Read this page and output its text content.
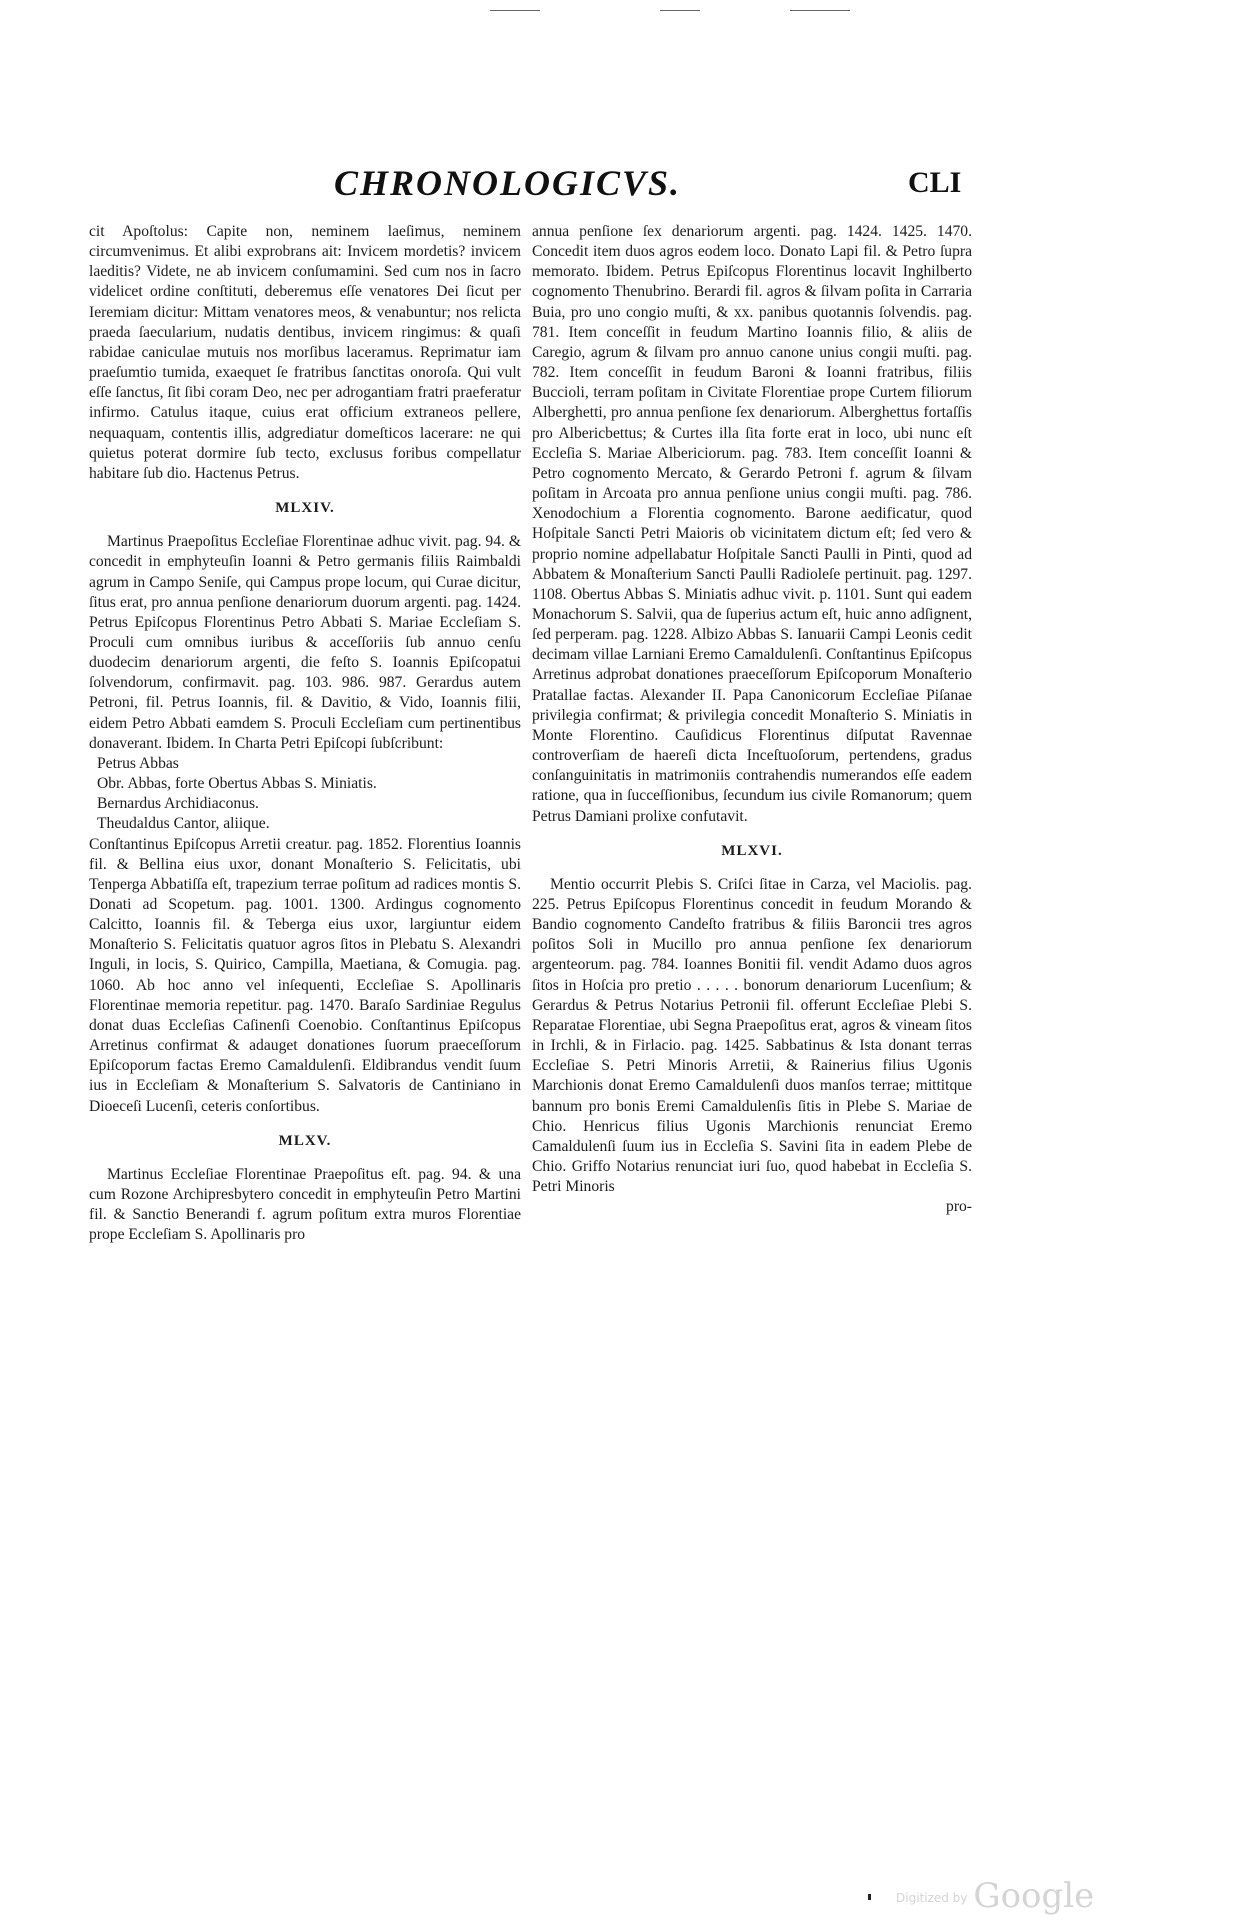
CHRONOLOGICVS.	CLI

cit Apoſtolus: Capite non, neminem laeſimus, neminem circumvenimus. Et alibi exprobrans ait: Invicem mordetis? invicem laeditis? Videte, ne ab invicem conſumamini. Sed cum nos in ſacro videlicet ordine conſtituti, deberemus eſſe venatores Dei ſicut per Ieremiam dicitur: Mittam venatores meos, & venabuntur; nos relicta praeda ſaecularium, nudatis dentibus, invicem ringimus: & quaſi rabidae caniculae mutuis nos morſibus laceramus. Reprimatur iam praeſumtio tumida, exaequet ſe fratribus ſanctitas onoroſa. Qui vult eſſe ſanctus, ſit ſibi coram Deo, nec per adrogantiam fratri praeferatur infirmo. Catulus itaque, cuius erat officium extraneos pellere, nequaquam, contentis illis, adgrediatur domeſticos lacerare: ne qui quietus poterat dormire ſub tecto, exclusus foribus compellatur habitare ſub dio. Hactenus Petrus.

MLXIV.

Martinus Praepoſitus Eccleſiae Florentinae adhuc vivit. pag. 94. & concedit in emphyteuſin Ioanni & Petro germanis filiis Raimbaldi agrum in Campo Seniſe, qui Campus prope locum, qui Curae dicitur, ſitus erat, pro annua penſione denariorum duorum argenti. pag. 1424. Petrus Epiſcopus Florentinus Petro Abbati S. Mariae Eccleſiam S. Proculi cum omnibus iuribus & acceſſoriis ſub annuo cenſu duodecim denariorum argenti, die feſto S. Ioannis Epiſcopatui ſolvendorum, confirmavit. pag. 103. 986. 987. Gerardus autem Petroni, fil. Petrus Ioannis, fil. & Davitio, & Vido, Ioannis filii, eidem Petro Abbati eamdem S. Proculi Eccleſiam cum pertinentibus donaverant. Ibidem. In Charta Petri Epiſcopi ſubſcribunt:

Petrus Abbas

Obr. Abbas, forte Obertus Abbas S. Miniatis.

Bernardus Archidiaconus.

Theudaldus Cantor, aliique.

Conſtantinus Epiſcopus Arretii creatur. pag. 1852. Florentius Ioannis fil. & Bellina eius uxor, donant Monaſterio S. Felicitatis, ubi Tenperga Abbatiſſa eſt, trapezium terrae poſitum ad radices montis S. Donati ad Scopetum. pag. 1001. 1300. Ardingus cognomento Calcitto, Ioannis fil. & Teberga eius uxor, largiuntur eidem Monaſterio S. Felicitatis quatuor agros ſitos in Plebatu S. Alexandri Inguli, in locis, S. Quirico, Campilla, Maetiana, & Comugia. pag. 1060. Ab hoc anno vel inſequenti, Eccleſiae S. Apollinaris Florentinae memoria repetitur. pag. 1470. Baraſo Sardiniae Regulus donat duas Eccleſias Caſinenſi Coenobio. Conſtantinus Epiſcopus Arretinus confirmat & adauget donationes ſuorum praeceſſorum Epiſcoporum factas Eremo Camaldulenſi. Eldibrandus vendit ſuum ius in Eccleſiam & Monaſterium S. Salvatoris de Cantiniano in Dioeceſi Lucenſi, ceteris conſortibus.

MLXV.

Martinus Eccleſiae Florentinae Praepoſitus eſt. pag. 94. & una cum Rozone Archipresbytero concedit in emphyteuſin Petro Martini fil. & Sanctio Benerandi f. agrum poſitum extra muros Florentiae prope Eccleſiam S. Apollinaris pro

annua penſione ſex denariorum argenti. pag. 1424. 1425. 1470. Concedit item duos agros eodem loco. Donato Lapi fil. & Petro ſupra memorato. Ibidem. Petrus Epiſcopus Florentinus locavit Inghilberto cognomento Thenubrino. Berardi fil. agros & ſilvam poſita in Carraria Buia, pro uno congio muſti, & xx. panibus quotannis ſolvendis. pag. 781. Item conceſſit in feudum Martino Ioannis filio, & aliis de Caregio, agrum & ſilvam pro annuo canone unius congii muſti. pag. 782. Item conceſſit in feudum Baroni & Ioanni fratribus, filiis Buccioli, terram poſitam in Civitate Florentiae prope Curtem filiorum Alberghetti, pro annua penſione ſex denariorum. Alberghettus fortaſſis pro Albericbettus; & Curtes illa ſita forte erat in loco, ubi nunc eſt Eccleſia S. Mariae Albericiorum. pag. 783. Item conceſſit Ioanni & Petro cognomento Mercato, & Gerardo Petroni f. agrum & ſilvam poſitam in Arcoata pro annua penſione unius congii muſti. pag. 786. Xenodochium a Florentia cognomento. Barone aedificatur, quod Hoſpitale Sancti Petri Maioris ob vicinitatem dictum eſt; ſed vero & proprio nomine adpellabatur Hoſpitale Sancti Paulli in Pinti, quod ad Abbatem & Monaſterium Sancti Paulli Radioleſe pertinuit. pag. 1297. 1108. Obertus Abbas S. Miniatis adhuc vivit. p. 1101. Sunt qui eadem Monachorum S. Salvii, qua de ſuperius actum eſt, huic anno adſignent, ſed perperam. pag. 1228. Albizo Abbas S. Ianuarii Campi Leonis cedit decimam villae Larniani Eremo Camaldulenſi. Conſtantinus Epiſcopus Arretinus adprobat donationes praeceſſorum Epiſcoporum Monaſterio Pratallae factas. Alexander II. Papa Canonicorum Eccleſiae Piſanae privilegia confirmat; & privilegia concedit Monaſterio S. Miniatis in Monte Florentino. Cauſidicus Florentinus diſputat Ravennae controverſiam de haereſi dicta Inceſtuoſorum, pertendens, gradus conſanguinitatis in matrimoniis contrahendis numerandos eſſe eadem ratione, qua in ſucceſſionibus, ſecundum ius civile Romanorum; quem Petrus Damiani prolixe confutavit.

MLXVI.

Mentio occurrit Plebis S. Criſci ſitae in Carza, vel Maciolis. pag. 225. Petrus Epiſcopus Florentinus concedit in feudum Morando & Bandio cognomento Candeſto fratribus & filiis Baroncii tres agros poſitos Soli in Mucillo pro annua penſione ſex denariorum argenteorum. pag. 784. Ioannes Bonitii fil. vendit Adamo duos agros ſitos in Hoſcia pro pretio . . . . . bonorum denariorum Lucenſium; & Gerardus & Petrus Notarius Petronii fil. offerunt Eccleſiae Plebi S. Reparatae Florentiae, ubi Segna Praepoſitus erat, agros & vineam ſitos in Irchli, & in Firlacio. pag. 1425. Sabbatinus & Ista donant terras Eccleſiae S. Petri Minoris Arretii, & Rainerius filius Ugonis Marchionis donat Eremo Camaldulenſi duos manſos terrae; mittitque bannum pro bonis Eremi Camaldulenſis ſitis in Plebe S. Mariae de Chio. Henricus filius Ugonis Marchionis renunciat Eremo Camaldulenſi ſuum ius in Eccleſia S. Savini ſita in eadem Plebe de Chio. Griffo Notarius renunciat iuri ſuo, quod habebat in Eccleſia S. Petri Minoris

pro-

Digitized by Google
